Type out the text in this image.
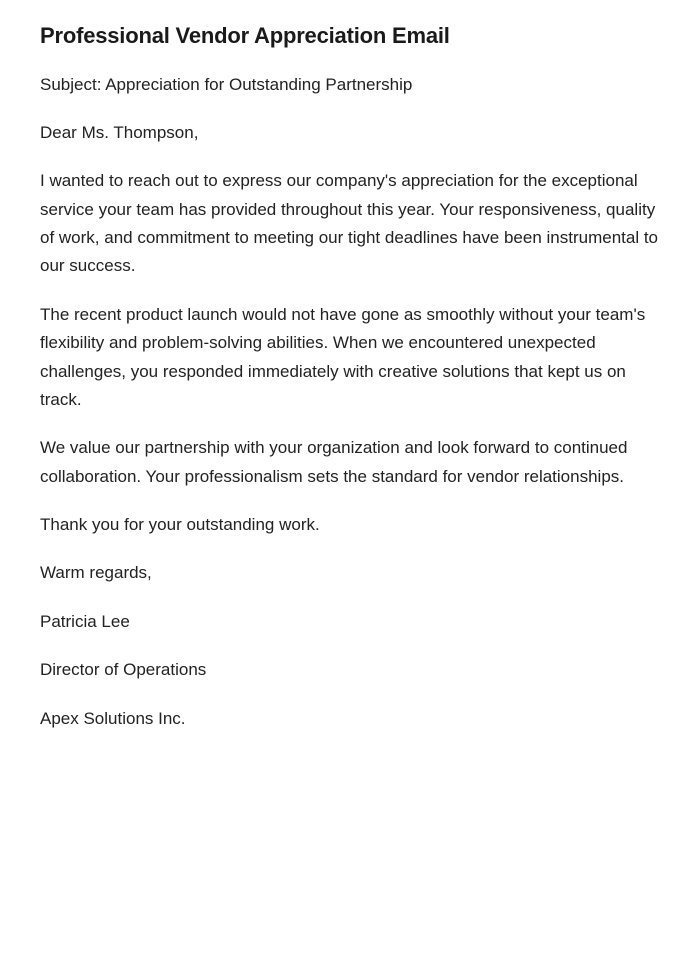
Professional Vendor Appreciation Email

Subject: Appreciation for Outstanding Partnership

Dear Ms. Thompson,

I wanted to reach out to express our company's appreciation for the exceptional service your team has provided throughout this year. Your responsiveness, quality of work, and commitment to meeting our tight deadlines have been instrumental to our success.

The recent product launch would not have gone as smoothly without your team's flexibility and problem-solving abilities. When we encountered unexpected challenges, you responded immediately with creative solutions that kept us on track.

We value our partnership with your organization and look forward to continued collaboration. Your professionalism sets the standard for vendor relationships.

Thank you for your outstanding work.

Warm regards,

Patricia Lee

Director of Operations

Apex Solutions Inc.
